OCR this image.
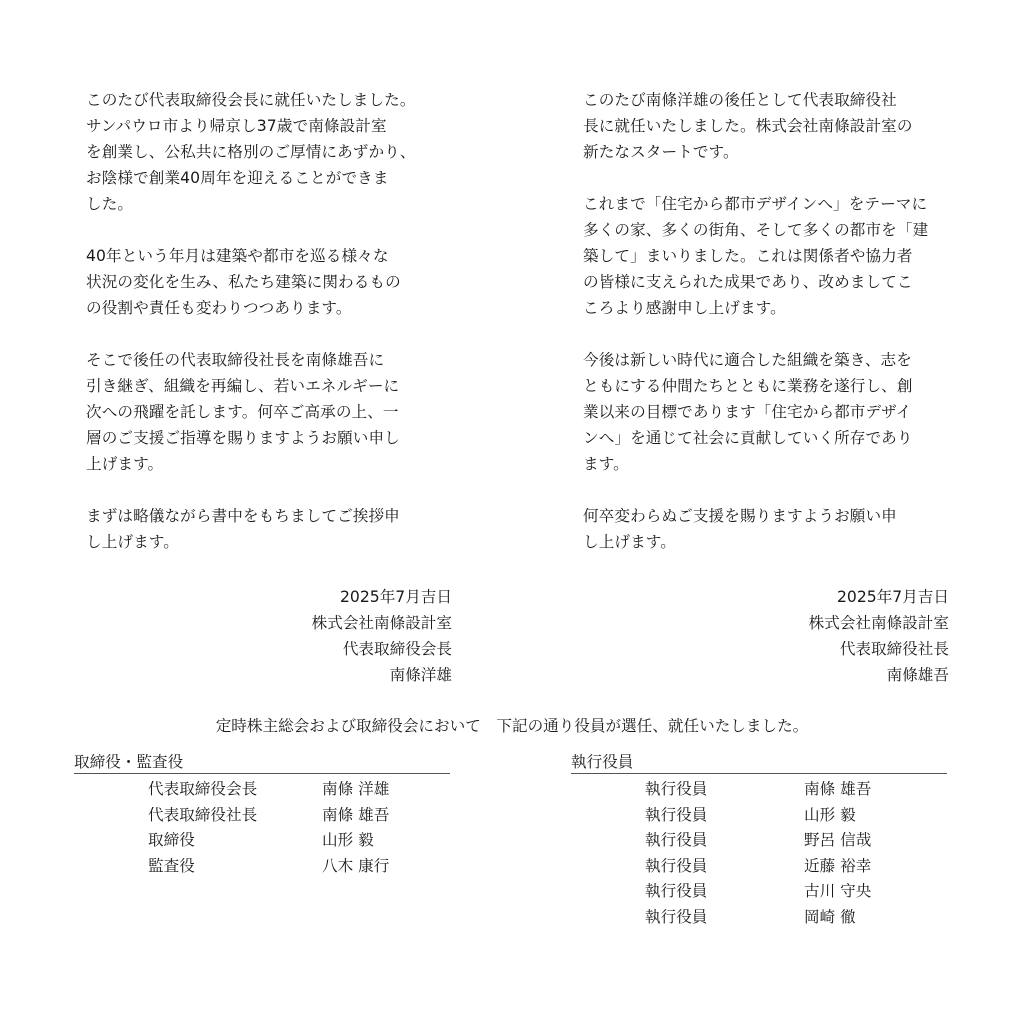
このたび代表取締役会長に就任いたしました。
サンパウロ市より帰京し37歳で南條設計室
を創業し、公私共に格別のご厚情にあずかり、
お陰様で創業40周年を迎えることができま
した。

40年という年月は建築や都市を巡る様々な
状況の変化を生み、私たち建築に関わるもの
の役割や責任も変わりつつあります。

そこで後任の代表取締役社長を南條雄吾に
引き継ぎ、組織を再編し、若いエネルギーに
次への飛躍を託します。何卒ご高承の上、一
層のご支援ご指導を賜りますようお願い申し
上げます。

まずは略儀ながら書中をもちましてご挨拶申
し上げます。

2025年7月吉日
株式会社南條設計室
代表取締役会長
南條洋雄

このたび南條洋雄の後任として代表取締役社
長に就任いたしました。株式会社南條設計室の
新たなスタートです。

これまで「住宅から都市デザインへ」をテーマに
多くの家、多くの街角、そして多くの都市を「建
築して」まいりました。これは関係者や協力者
の皆様に支えられた成果であり、改めましてこ
ころより感謝申し上げます。

今後は新しい時代に適合した組織を築き、志を
ともにする仲間たちとともに業務を遂行し、創
業以来の目標であります「住宅から都市デザイ
ンへ」を通じて社会に貢献していく所存であり
ます。

何卒変わらぬご支援を賜りますようお願い申
し上げます。

2025年7月吉日
株式会社南條設計室
代表取締役社長
南條雄吾
定時株主総会および取締役会において　下記の通り役員が選任、就任いたしました。
取締役・監査役
代表取締役会長	南條 洋雄
代表取締役社長	南條 雄吾
取締役	山形 毅
監査役	八木 康行
執行役員
執行役員	南條 雄吾
執行役員	山形 毅
執行役員	野呂 信哉
執行役員	近藤 裕幸
執行役員	古川 守央
執行役員	岡崎 徹
